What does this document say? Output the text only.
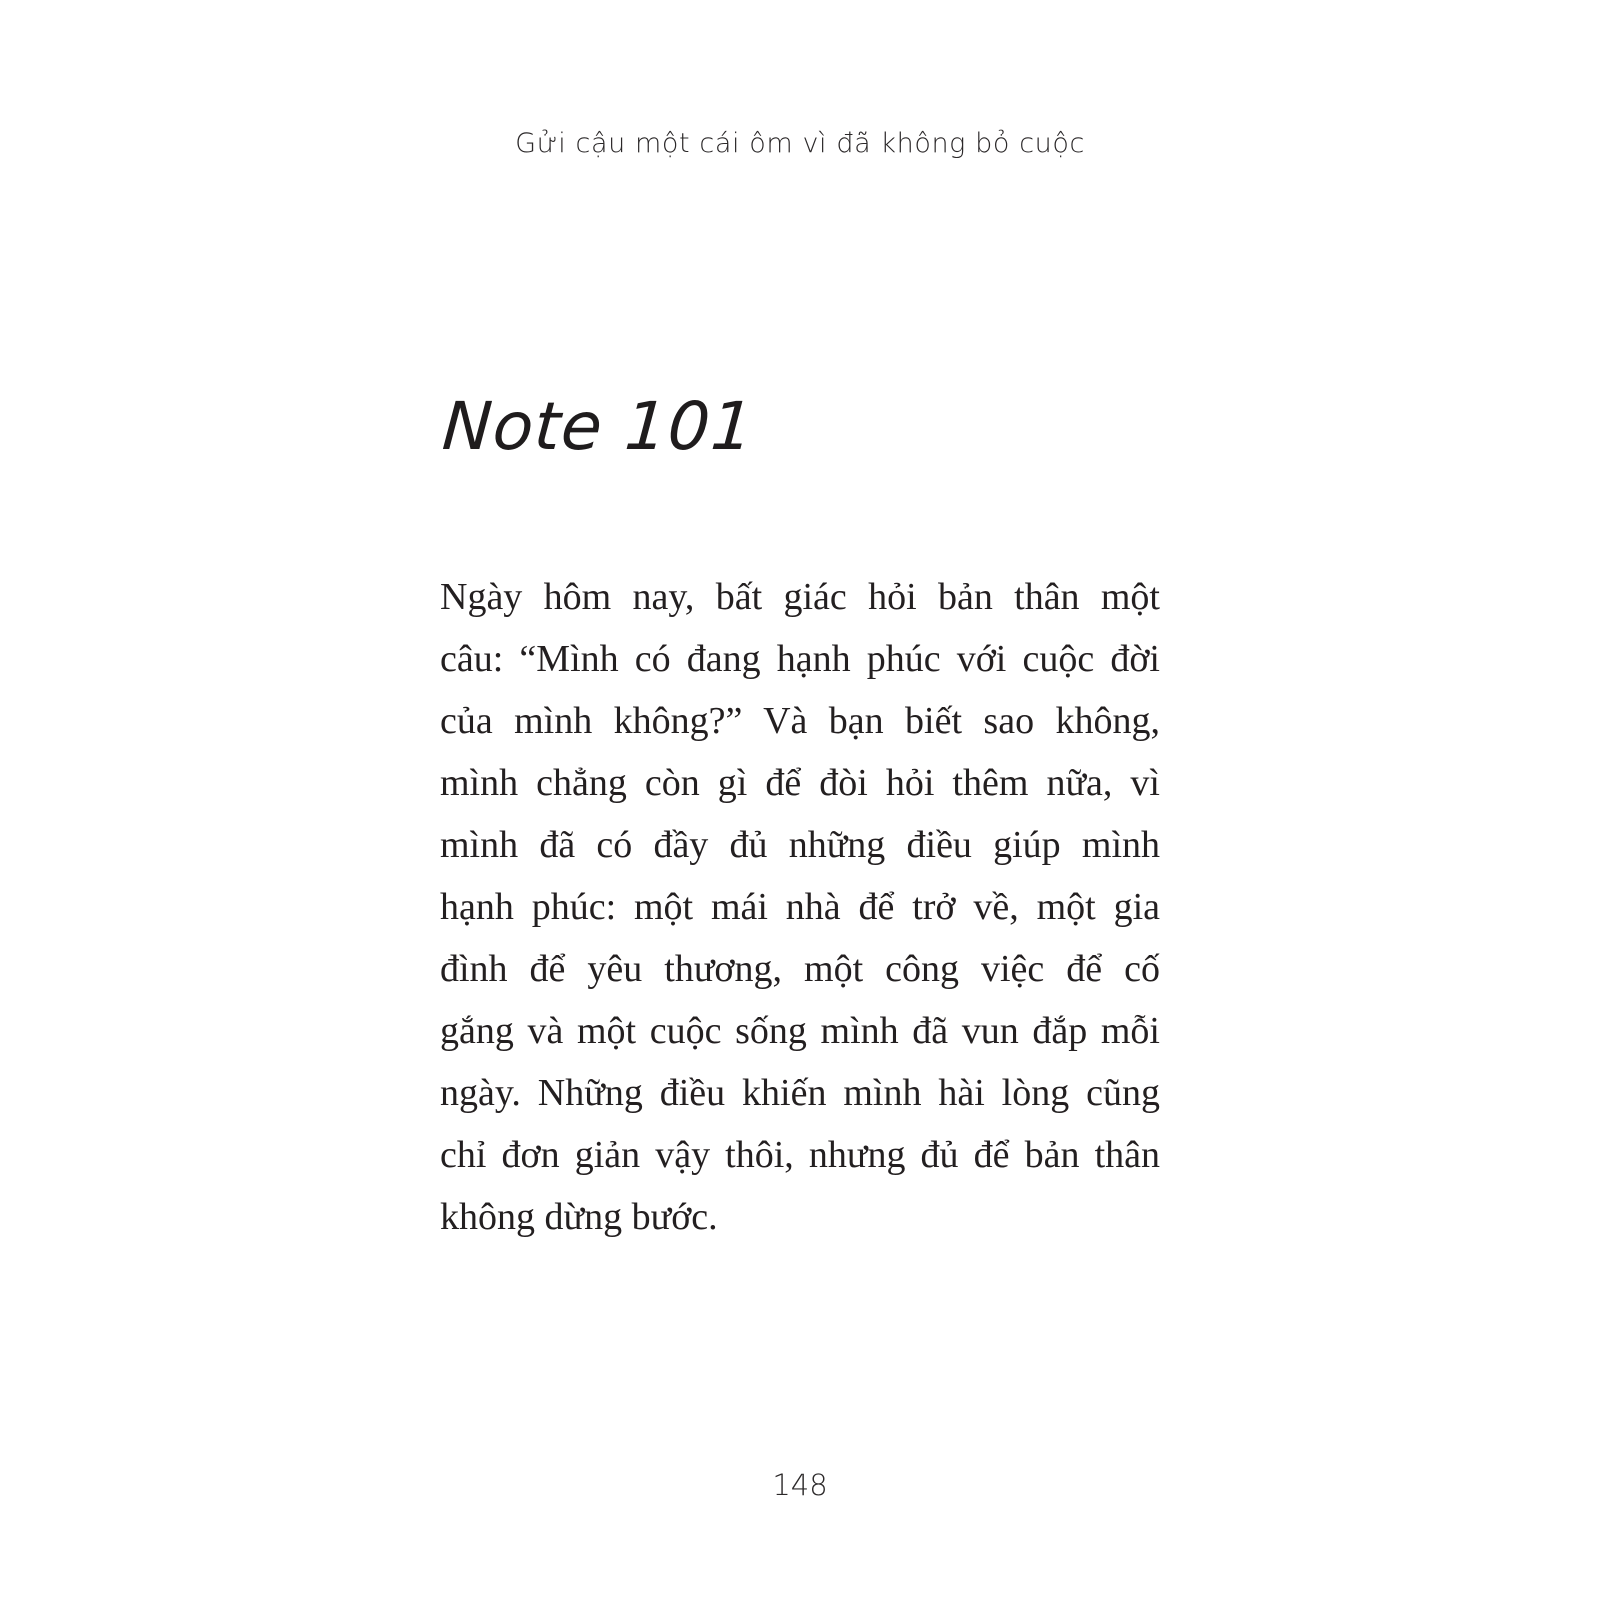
Gửi cậu một cái ôm vì đã không bỏ cuộc
Note 101
Ngày hôm nay, bất giác hỏi bản thân một
câu: “Mình có đang hạnh phúc với cuộc đời
của mình không?” Và bạn biết sao không,
mình chẳng còn gì để đòi hỏi thêm nữa, vì
mình đã có đầy đủ những điều giúp mình
hạnh phúc: một mái nhà để trở về, một gia
đình để yêu thương, một công việc để cố
gắng và một cuộc sống mình đã vun đắp mỗi
ngày. Những điều khiến mình hài lòng cũng
chỉ đơn giản vậy thôi, nhưng đủ để bản thân
không dừng bước.
148
